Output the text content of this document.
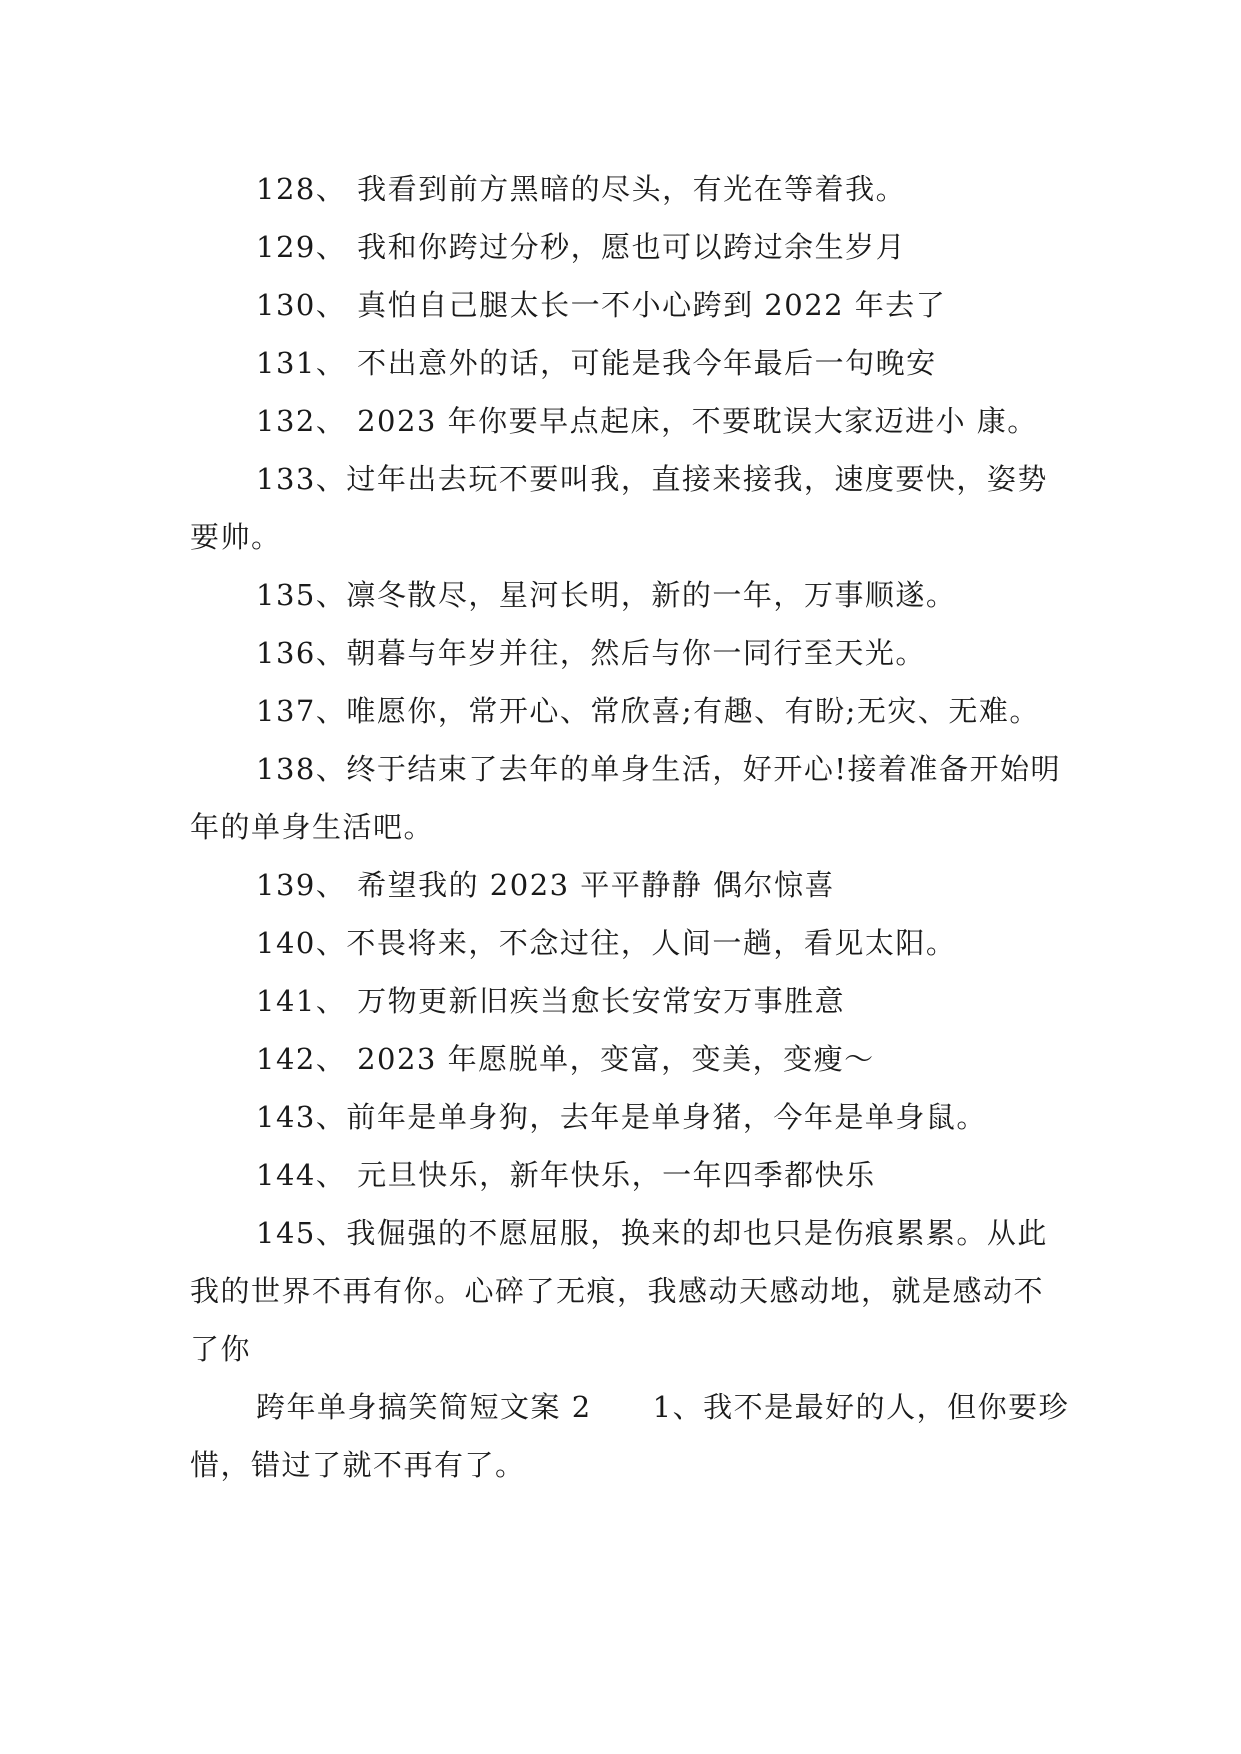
128、 我看到前方黑暗的尽头，有光在等着我。

129、 我和你跨过分秒，愿也可以跨过余生岁月

130、 真怕自己腿太长一不小心跨到 2022 年去了

131、 不出意外的话，可能是我今年最后一句晚安

132、 2023 年你要早点起床，不要耽误大家迈进小 康。

133、过年出去玩不要叫我，直接来接我，速度要快，姿势要帅。

135、凛冬散尽，星河长明，新的一年，万事顺遂。

136、朝暮与年岁并往，然后与你一同行至天光。

137、唯愿你，常开心、常欣喜;有趣、有盼;无灾、无难。

138、终于结束了去年的单身生活，好开心!接着准备开始明年的单身生活吧。

139、 希望我的 2023 平平静静 偶尔惊喜

140、不畏将来，不念过往，人间一趟，看见太阳。

141、 万物更新旧疾当愈长安常安万事胜意

142、 2023 年愿脱单，变富，变美，变瘦～

143、前年是单身狗，去年是单身猪，今年是单身鼠。

144、 元旦快乐，新年快乐，一年四季都快乐

145、我倔强的不愿屈服，换来的却也只是伤痕累累。从此我的世界不再有你。心碎了无痕，我感动天感动地，就是感动不了你

跨年单身搞笑简短文案 2　　1、我不是最好的人，但你要珍惜，错过了就不再有了。
